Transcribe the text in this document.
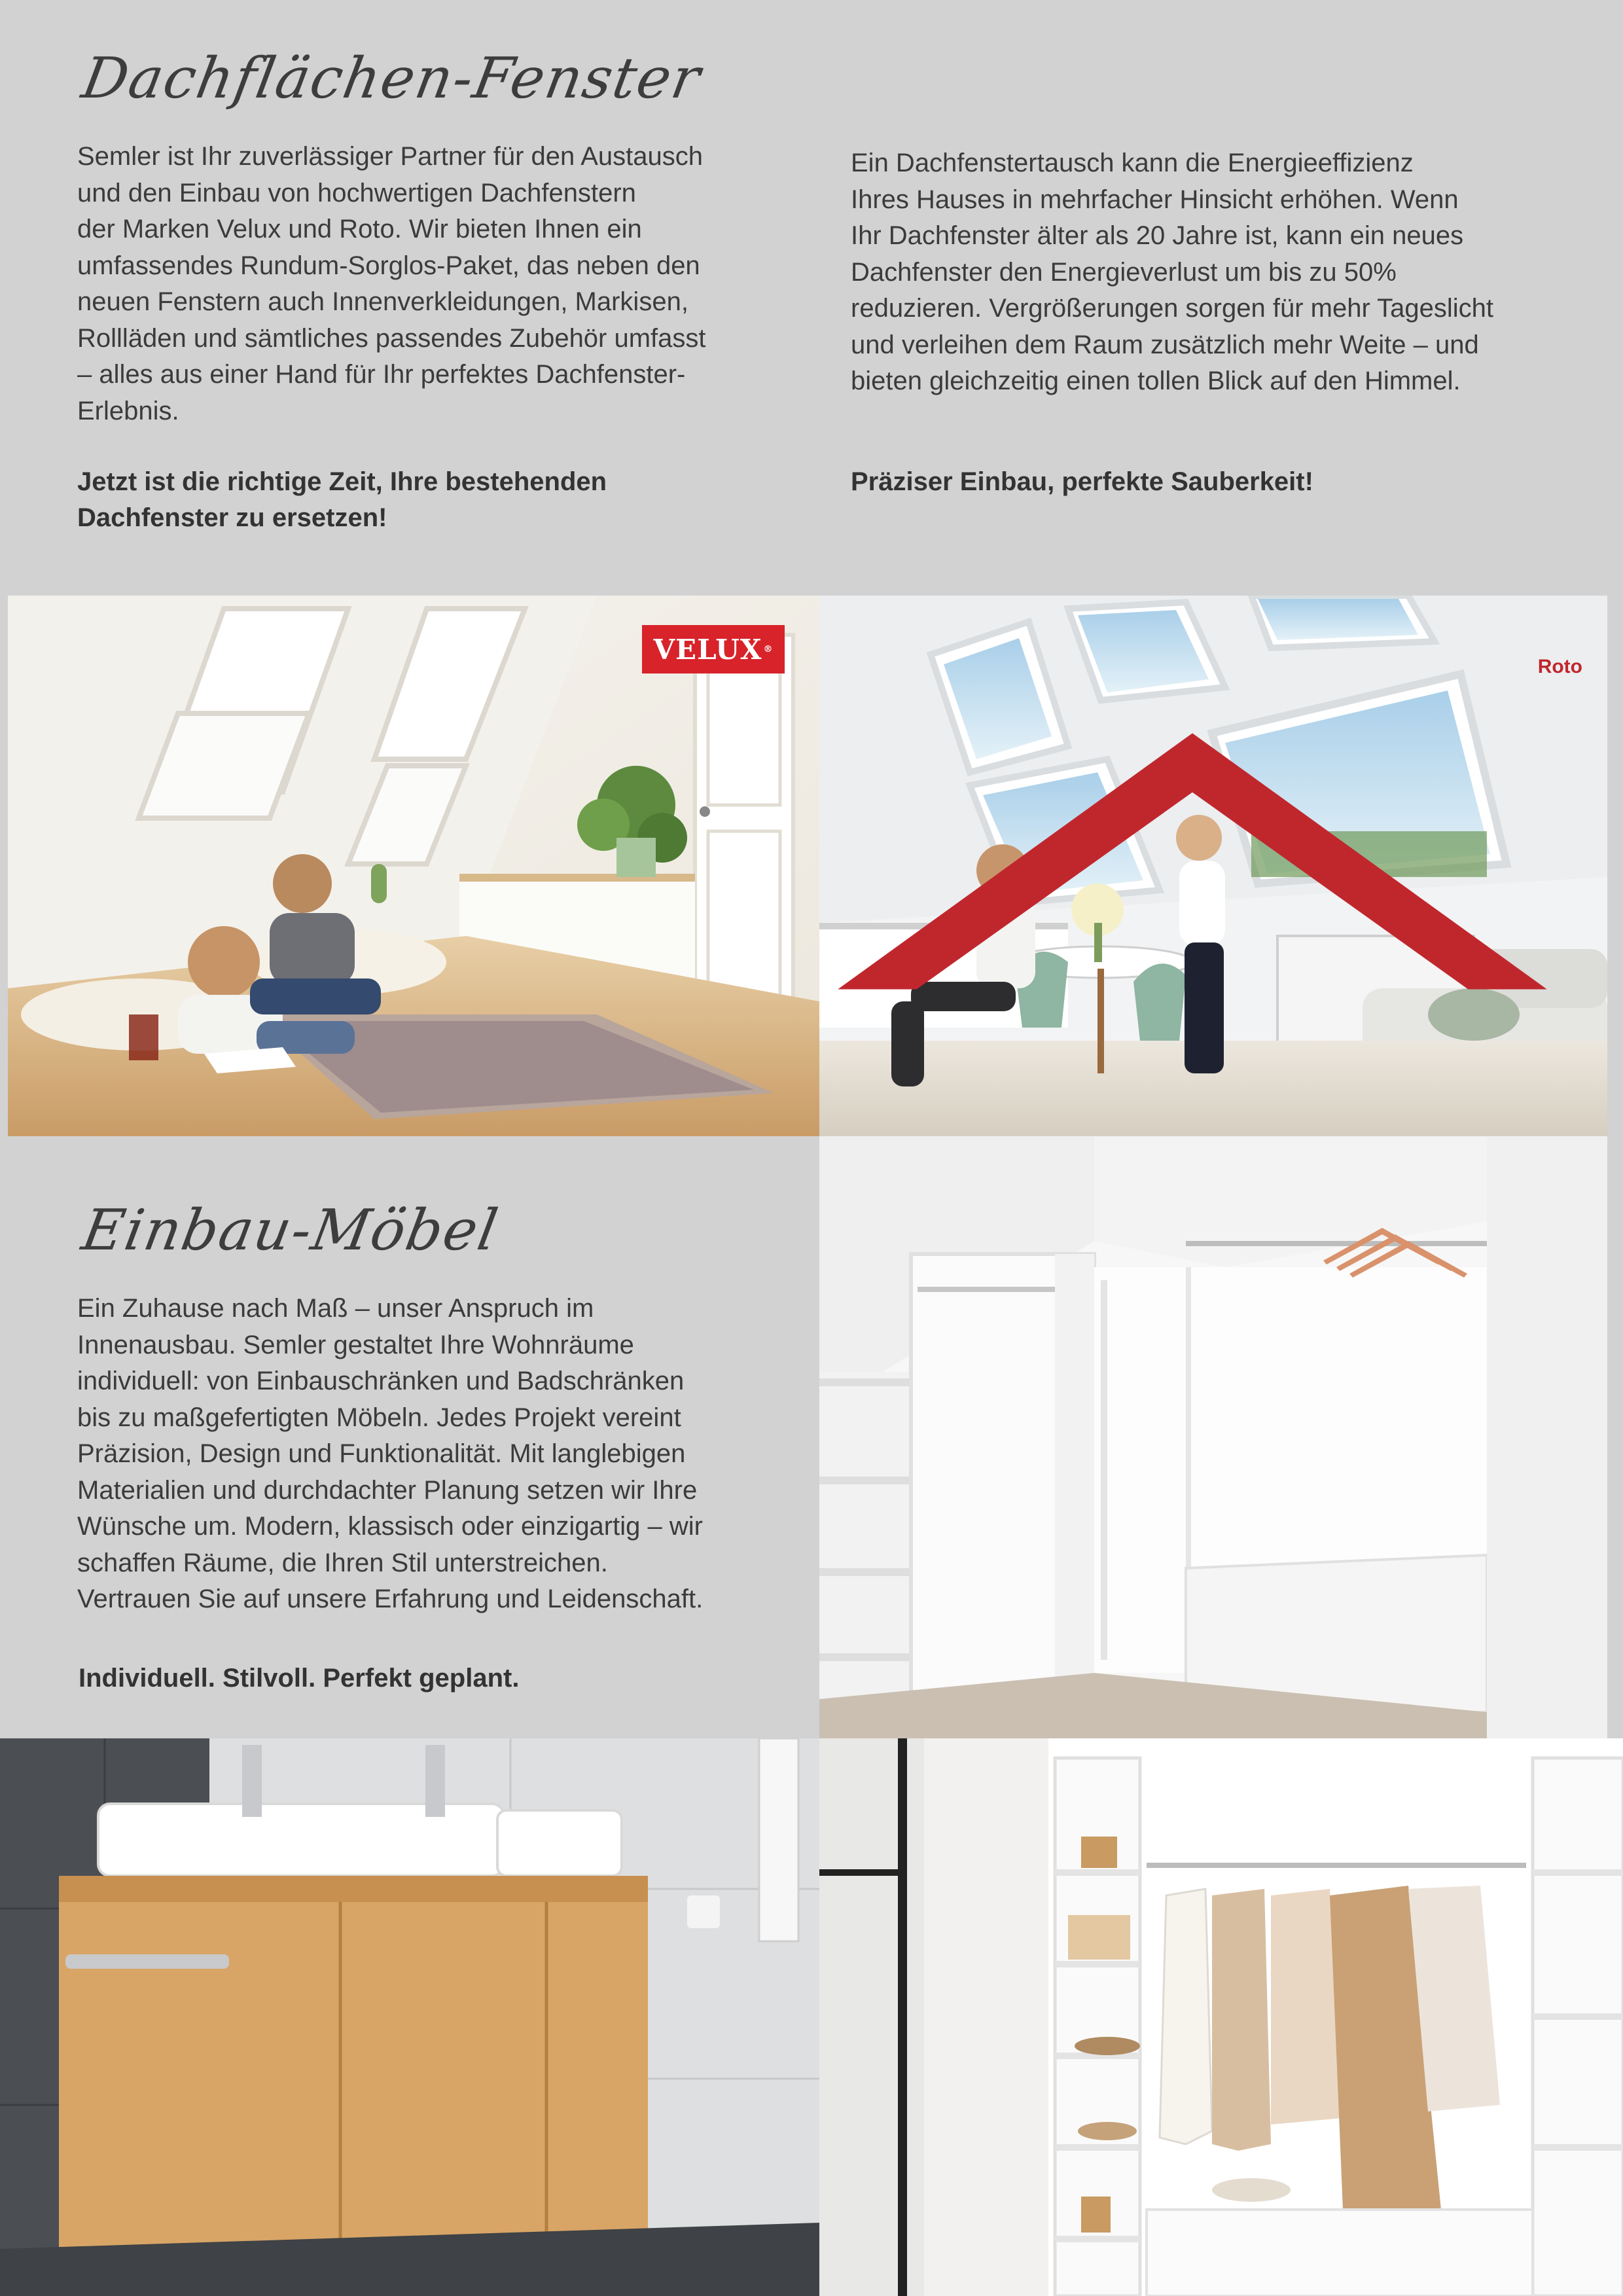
Dachflächen-Fenster
Semler ist Ihr zuverlässiger Partner für den Austausch
und den Einbau von hochwertigen Dachfenstern
der Marken Velux und Roto. Wir bieten Ihnen ein
umfassendes Rundum-Sorglos-Paket, das neben den
neuen Fenstern auch Innenverkleidungen, Markisen,
Rollläden und sämtliches passendes Zubehör umfasst
– alles aus einer Hand für Ihr perfektes Dachfenster-
Erlebnis.
Jetzt ist die richtige Zeit, Ihre bestehenden
Dachfenster zu ersetzen!
Ein Dachfenstertausch kann die Energieeffizienz
Ihres Hauses in mehrfacher Hinsicht erhöhen. Wenn
Ihr Dachfenster älter als 20 Jahre ist, kann ein neues
Dachfenster den Energieverlust um bis zu 50%
reduzieren. Vergrößerungen sorgen für mehr Tageslicht
und verleihen dem Raum zusätzlich mehr Weite – und
bieten gleichzeitig einen tollen Blick auf den Himmel.
Präziser Einbau, perfekte Sauberkeit!
VELUX ®
Roto
Einbau-Möbel
Ein Zuhause nach Maß – unser Anspruch im
Innenausbau. Semler gestaltet Ihre Wohnräume
individuell: von Einbauschränken und Badschränken
bis zu maßgefertigten Möbeln. Jedes Projekt vereint
Präzision, Design und Funktionalität. Mit langlebigen
Materialien und durchdachter Planung setzen wir Ihre
Wünsche um. Modern, klassisch oder einzigartig – wir
schaffen Räume, die Ihren Stil unterstreichen.
Vertrauen Sie auf unsere Erfahrung und Leidenschaft.
Individuell. Stilvoll. Perfekt geplant.
